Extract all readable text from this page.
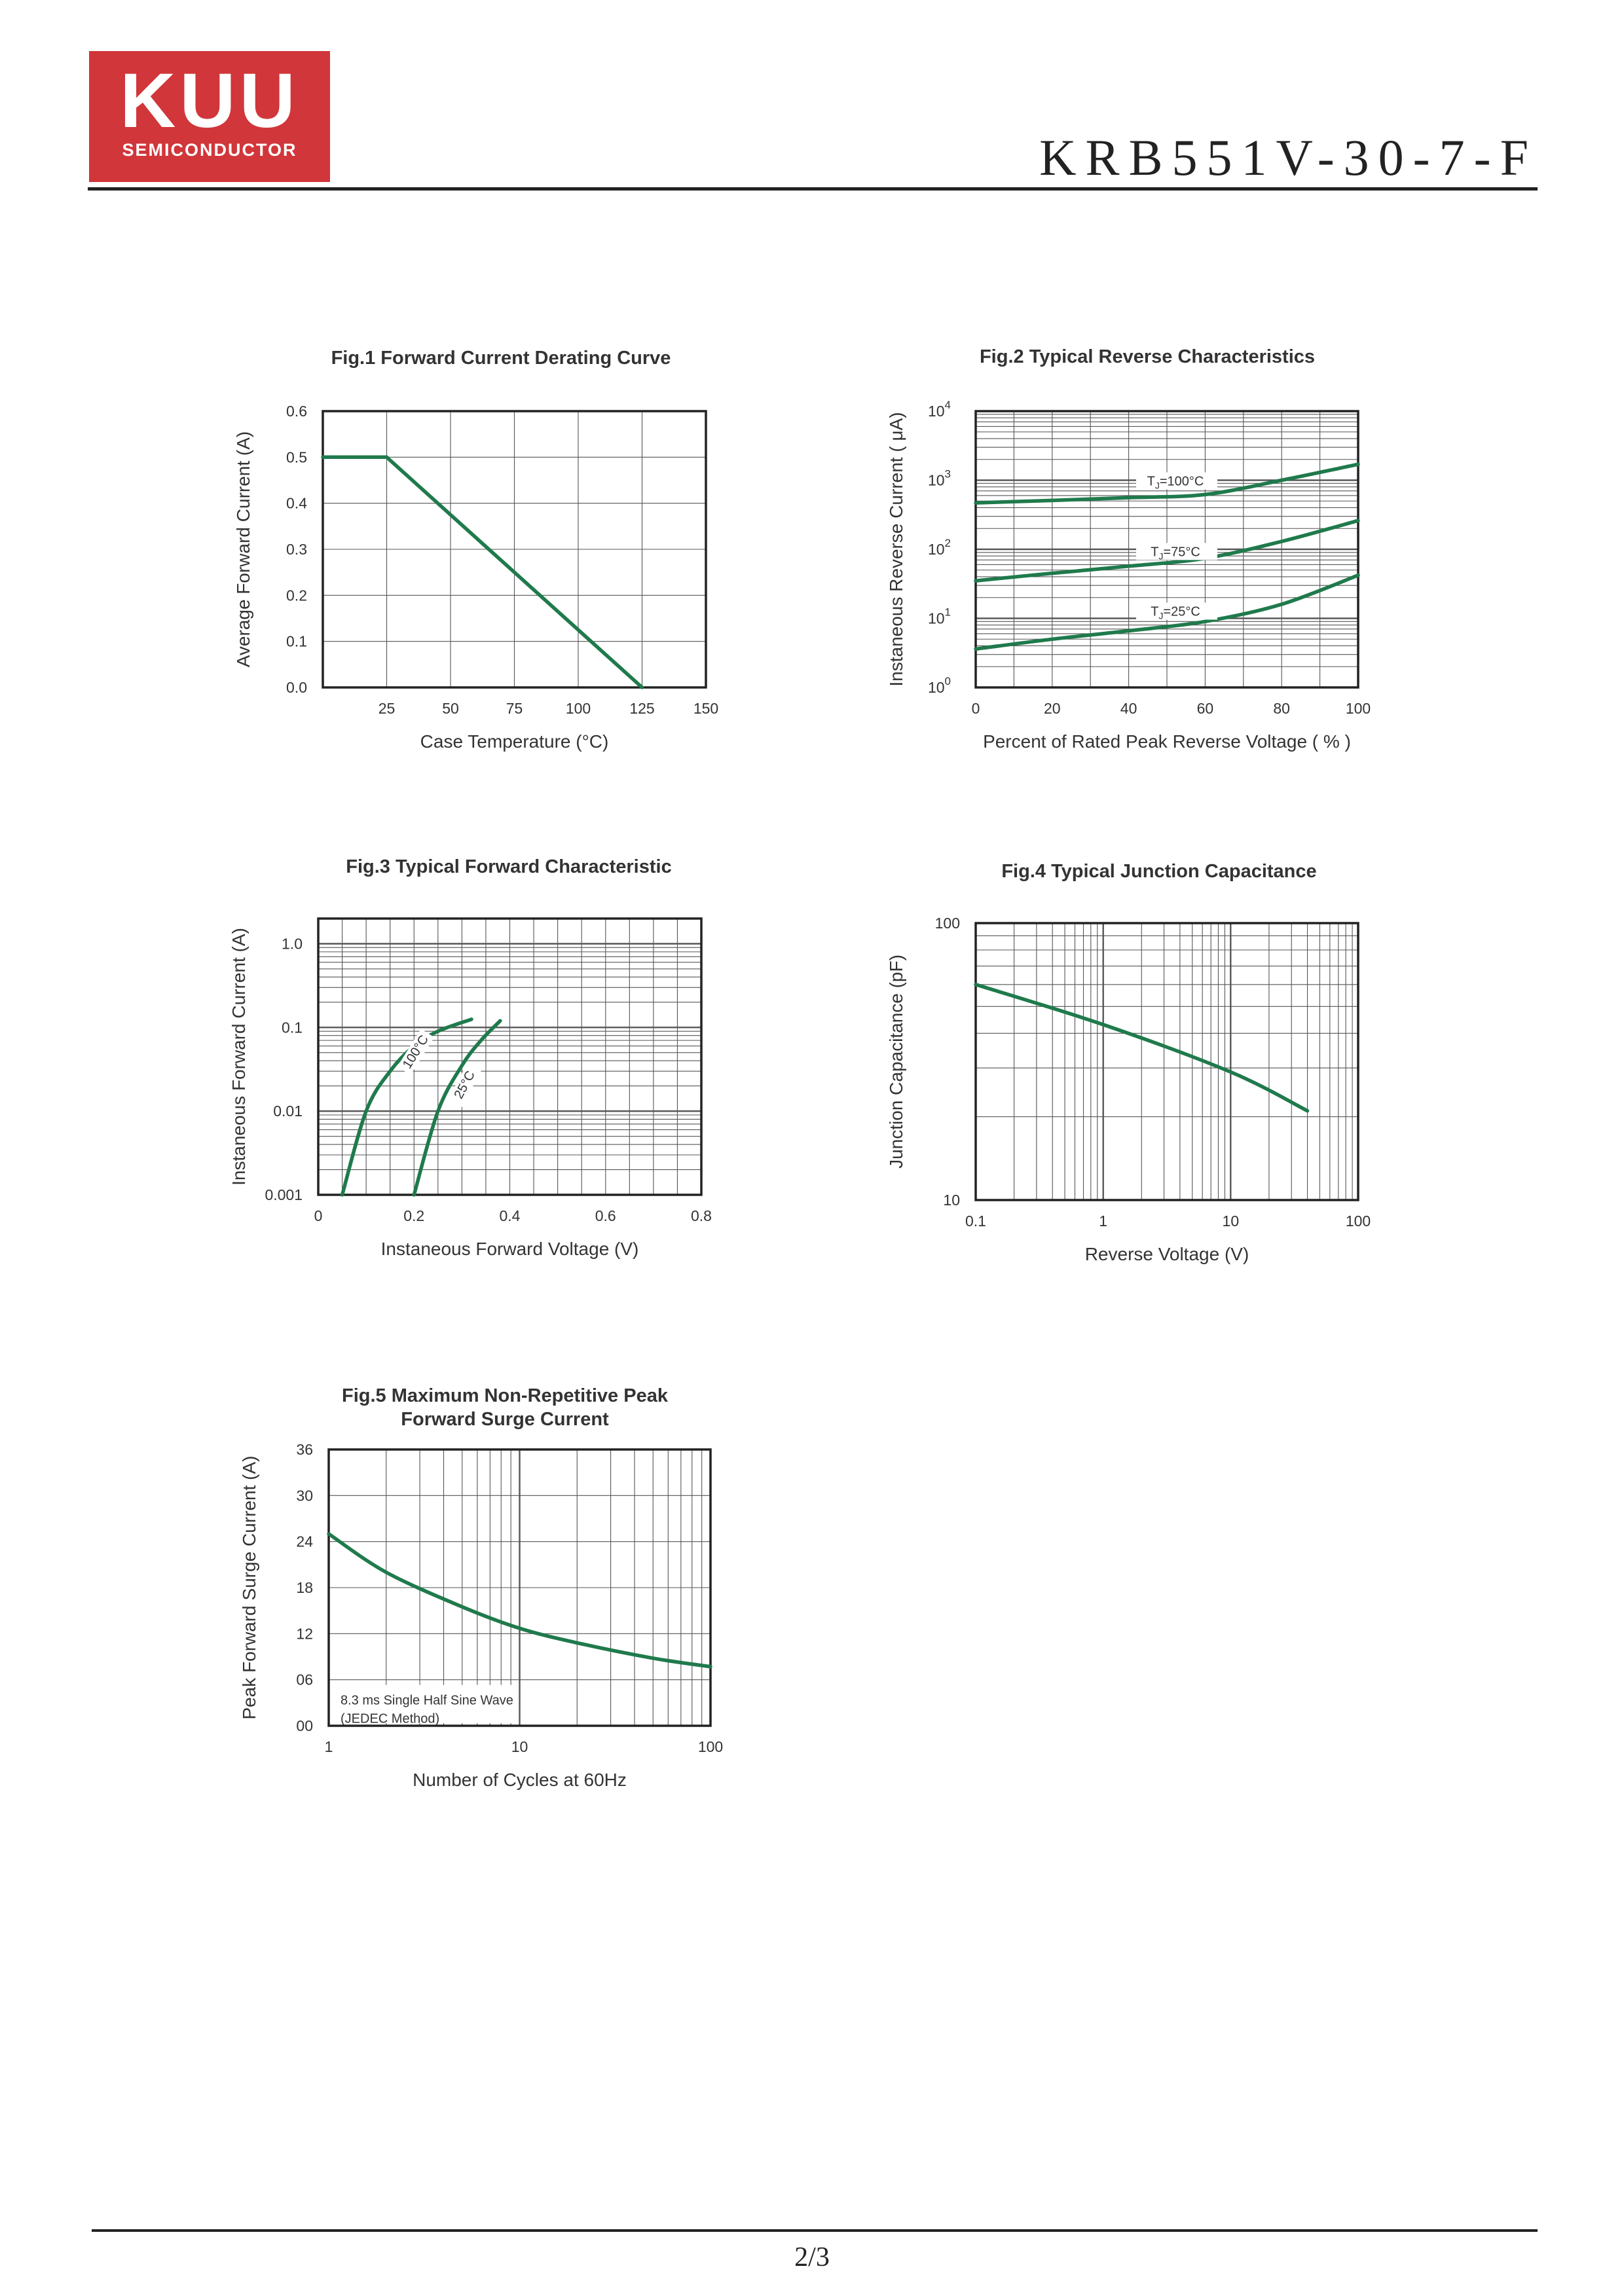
KUU
SEMICONDUCTOR	KRB551V-30-7-F
25	50	75	100	125	150
0.0
0.1
0.2
0.3
0.4
0.5
0.6
Fig.1 Forward Current Derating Curve
Case Temperature (°C)
Average Forward Current (A)	$T_J=100^\circ C$
$T_J=75^\circ C$
$T_J=25^\circ C$
0	20	40	60	80	100
$10^0$
$10^1$
$10^2$
$10^3$
$10^4$
Fig.2 Typical Reverse Characteristics
Percent of Rated Peak Reverse Voltage ( % )
Instaneous Reverse Current ( μA)
100°C
25°C
0	0.2	0.4	0.6	0.8
0.001
0.01
0.1
1.0
Fig.3 Typical Forward Characteristic
Instaneous Forward Voltage (V)
Instaneous Forward Current (A)
0.1	1	10	100
10
100
Fig.4 Typical Junction Capacitance
Reverse Voltage (V)
Junction Capacitance (pF)
8.3 ms Single Half Sine Wave
(JEDEC Method)
1	10	100
00
06
12
18
24
30
36
Fig.5 Maximum Non-Repetitive Peak
Forward Surge Current
Number of Cycles at 60Hz
Peak Forward Surge Current (A)
2/3
